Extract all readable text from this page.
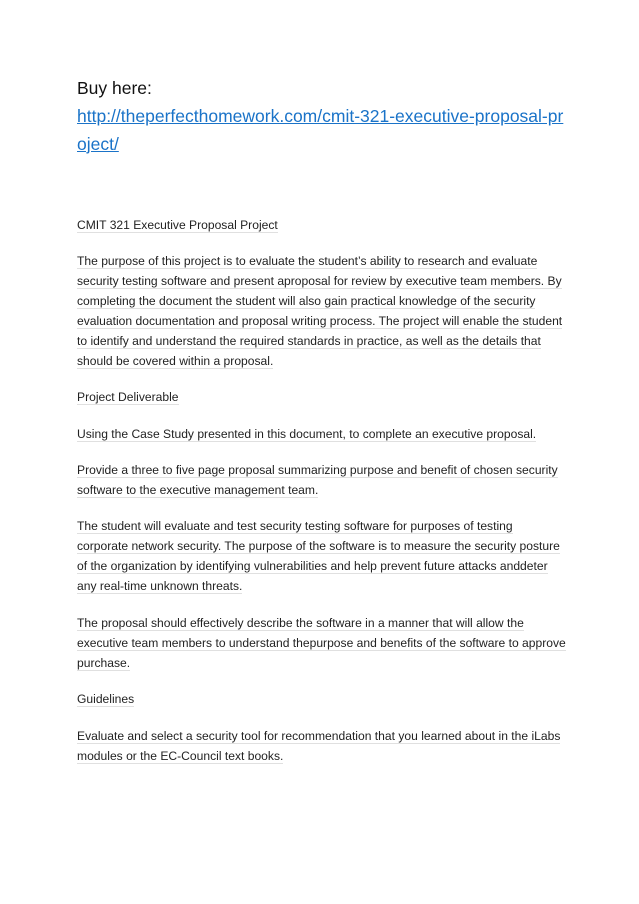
Buy here:

http://theperfecthomework.com/cmit-321-executive-proposal-project/

CMIT 321 Executive Proposal Project

The purpose of this project is to evaluate the student’s ability to research and evaluate security testing software and present aproposal for review by executive team members. By completing the document the student will also gain practical knowledge of the security evaluation documentation and proposal writing process. The project will enable the student to identify and understand the required standards in practice, as well as the details that should be covered within a proposal.

Project Deliverable

Using the Case Study presented in this document, to complete an executive proposal.

Provide a three to five page proposal summarizing purpose and benefit of chosen security software to the executive management team.

The student will evaluate and test security testing software for purposes of testing corporate network security. The purpose of the software is to measure the security posture of the organization by identifying vulnerabilities and help prevent future attacks anddeter any real-time unknown threats.

The proposal should effectively describe the software in a manner that will allow the executive team members to understand thepurpose and benefits of the software to approve purchase.

Guidelines

Evaluate and select a security tool for recommendation that you learned about in the iLabs modules or the EC-Council text books.
